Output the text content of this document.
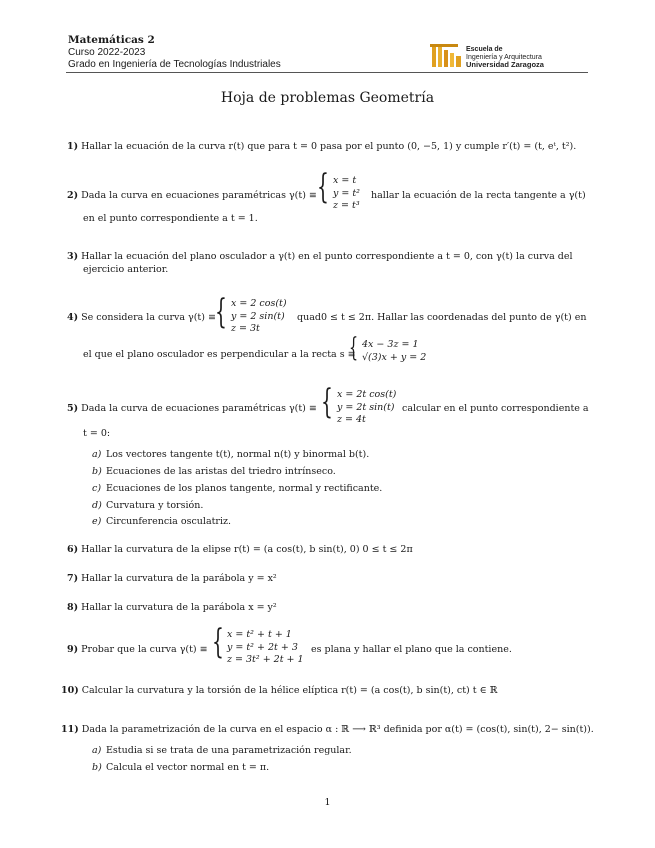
Matemáticas 2
Curso 2022-2023
Grado en Ingeniería de Tecnologías Industriales
Escuela de
Ingeniería y Arquitectura
Universidad Zaragoza
Hoja de problemas Geometría
1) Hallar la ecuación de la curva r(t) que para t = 0 pasa por el punto (0, −5, 1) y cumple r′(t) = (t, eᵗ, t²).
2) Dada la curva en ecuaciones paramétricas γ(t) ≡ { x = t
y = t²
z = t³
hallar la ecuación de la recta tangente a γ(t)
en el punto correspondiente a t = 1.
3) Hallar la ecuación del plano osculador a γ(t) en el punto correspondiente a t = 0, con γ(t) la curva del
ejercicio anterior.
4) Se considera la curva γ(t) ≡ { x = 2 cos(t)
y = 2 sin(t)
z = 3t
quad0 ≤ t ≤ 2π. Hallar las coordenadas del punto de γ(t) en
el que el plano osculador es perpendicular a la recta s ≡
{ 4x − 3z = 1
√(3)x + y = 2
5) Dada la curva de ecuaciones paramétricas γ(t) ≡ { x = 2t cos(t)
y = 2t sin(t)
z = 4t
calcular en el punto correspondiente a
t = 0:
a) Los vectores tangente t(t), normal n(t) y binormal b(t).
b) Ecuaciones de las aristas del triedro intrínseco.
c) Ecuaciones de los planos tangente, normal y rectificante.
d) Curvatura y torsión.
e) Circunferencia osculatriz.
6) Hallar la curvatura de la elipse r(t) = (a cos(t), b sin(t), 0) 0 ≤ t ≤ 2π
7) Hallar la curvatura de la parábola y = x²
8) Hallar la curvatura de la parábola x = y²
9) Probar que la curva γ(t) ≡ { x = t² + t + 1
y = t² + 2t + 3
z = 3t² + 2t + 1
es plana y hallar el plano que la contiene.
10) Calcular la curvatura y la torsión de la hélice elíptica r(t) = (a cos(t), b sin(t), ct) t ∈ ℝ
11) Dada la parametrización de la curva en el espacio α : ℝ ⟶ ℝ³ definida por α(t) = (cos(t), sin(t), 2− sin(t)).
a) Estudia si se trata de una parametrización regular.
b) Calcula el vector normal en t = π.
1
